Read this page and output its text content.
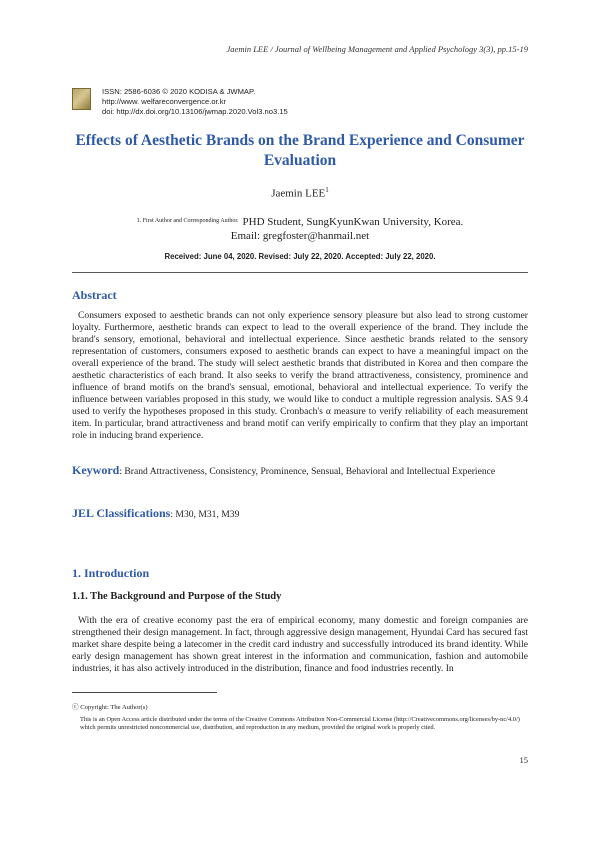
Jaemin LEE / Journal of Wellbeing Management and Applied Psychology 3(3), pp.15-19
ISSN: 2586-6036 © 2020 KODISA & JWMAP.
http://www. welfareconvergence.or.kr
doi: http://dx.doi.org/10.13106/jwmap.2020.Vol3.no3.15
Effects of Aesthetic Brands on the Brand Experience and Consumer Evaluation
Jaemin LEE$^1$
$^{1. First Author and Corresponding Author.}$ PHD Student, SungKyunKwan University, Korea.
Email: gregfoster@hanmail.net
Received: June 04, 2020. Revised: July 22, 2020. Accepted: July 22, 2020.
Abstract
Consumers exposed to aesthetic brands can not only experience sensory pleasure but also lead to strong customer loyalty. Furthermore, aesthetic brands can expect to lead to the overall experience of the brand. They include the brand's sensory, emotional, behavioral and intellectual experience. Since aesthetic brands related to the sensory representation of customers, consumers exposed to aesthetic brands can expect to have a meaningful impact on the overall experience of the brand. The study will select aesthetic brands that distributed in Korea and then compare the aesthetic characteristics of each brand. It also seeks to verify the brand attractiveness, consistency, prominence and influence of brand motifs on the brand's sensual, emotional, behavioral and intellectual experience. To verify the influence between variables proposed in this study, we would like to conduct a multiple regression analysis. SAS 9.4 used to verify the hypotheses proposed in this study. Cronbach's α measure to verify reliability of each measurement item. In particular, brand attractiveness and brand motif can verify empirically to confirm that they play an important role in inducing brand experience.
Keyword: Brand Attractiveness, Consistency, Prominence, Sensual, Behavioral and Intellectual Experience
JEL Classifications: M30, M31, M39
1. Introduction
1.1. The Background and Purpose of the Study
With the era of creative economy past the era of empirical economy, many domestic and foreign companies are strengthened their design management. In fact, through aggressive design management, Hyundai Card has secured fast market share despite being a latecomer in the credit card industry and successfully introduced its brand identity. While early design management has shown great interest in the information and communication, fashion and automobile industries, it has also actively introduced in the distribution, finance and food industries recently. In
ⓒ Copyright: The Author(s)
This is an Open Access article distributed under the terms of the Creative Commons Attribution Non-Commercial License (http://Creativecommons.org/licenses/by-nc/4.0/) which permits unrestricted noncommercial use, distribution, and reproduction in any medium, provided the original work is properly cited.
15
